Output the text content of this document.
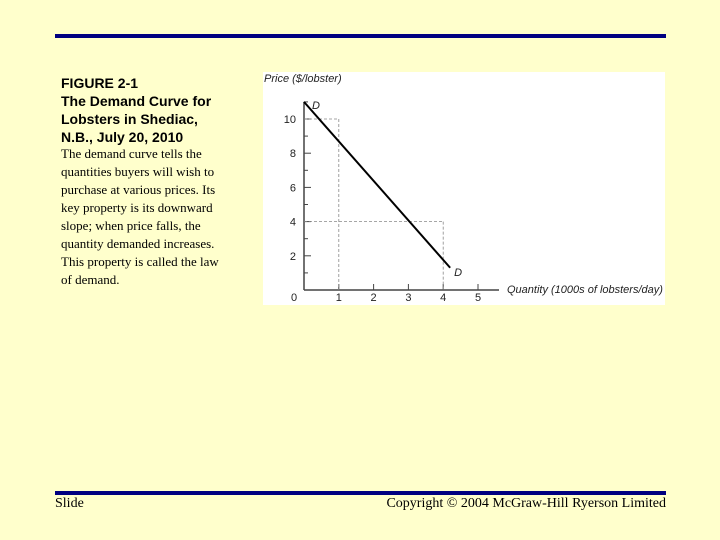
FIGURE 2-1
The Demand Curve for Lobsters in Shediac, N.B., July 20, 2010
The demand curve tells the quantities buyers will wish to purchase at various prices. Its key property is its downward slope; when price falls, the quantity demanded increases. This property is called the law of demand.
Price ($/lobster)
Quantity (1000s of lobsters/day)
2
4
6
8
10
0	1	2	3	4	5
D
D
Slide	Copyright © 2004 McGraw-Hill Ryerson Limited
